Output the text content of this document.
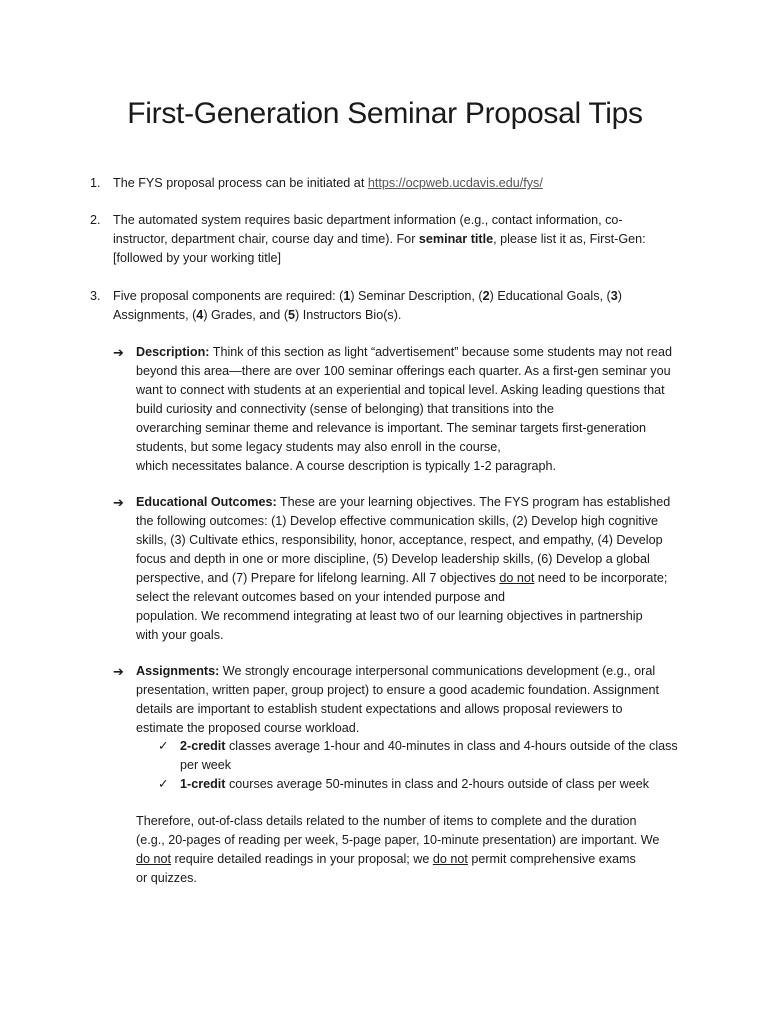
First-Generation Seminar Proposal Tips
1. The FYS proposal process can be initiated at https://ocpweb.ucdavis.edu/fys/
2. The automated system requires basic department information (e.g., contact information, co-
instructor, department chair, course day and time). For seminar title, please list it as, First-Gen:
[followed by your working title]
3. Five proposal components are required: (1) Seminar Description, (2) Educational Goals, (3)
Assignments, (4) Grades, and (5) Instructors Bio(s).
➔ Description: Think of this section as light “advertisement” because some students may not read
beyond this area—there are over 100 seminar offerings each quarter. As a first-gen seminar you
want to connect with students at an experiential and topical level. Asking leading questions that
build curiosity and connectivity (sense of belonging) that transitions into the
overarching seminar theme and relevance is important. The seminar targets first-generation
students, but some legacy students may also enroll in the course,
which necessitates balance. A course description is typically 1-2 paragraph.
➔ Educational Outcomes: These are your learning objectives. The FYS program has established
the following outcomes: (1) Develop effective communication skills, (2) Develop high cognitive
skills, (3) Cultivate ethics, responsibility, honor, acceptance, respect, and empathy, (4) Develop
focus and depth in one or more discipline, (5) Develop leadership skills, (6) Develop a global
perspective, and (7) Prepare for lifelong learning. All 7 objectives do not need to be incorporate;
select the relevant outcomes based on your intended purpose and
population. We recommend integrating at least two of our learning objectives in partnership
with your goals.
➔ Assignments: We strongly encourage interpersonal communications development (e.g., oral
presentation, written paper, group project) to ensure a good academic foundation. Assignment
details are important to establish student expectations and allows proposal reviewers to
estimate the proposed course workload.
✓ 2-credit classes average 1-hour and 40-minutes in class and 4-hours outside of the class
per week
✓ 1-credit courses average 50-minutes in class and 2-hours outside of class per week
Therefore, out-of-class details related to the number of items to complete and the duration
(e.g., 20-pages of reading per week, 5-page paper, 10-minute presentation) are important. We
do not require detailed readings in your proposal; we do not permit comprehensive exams
or quizzes.
